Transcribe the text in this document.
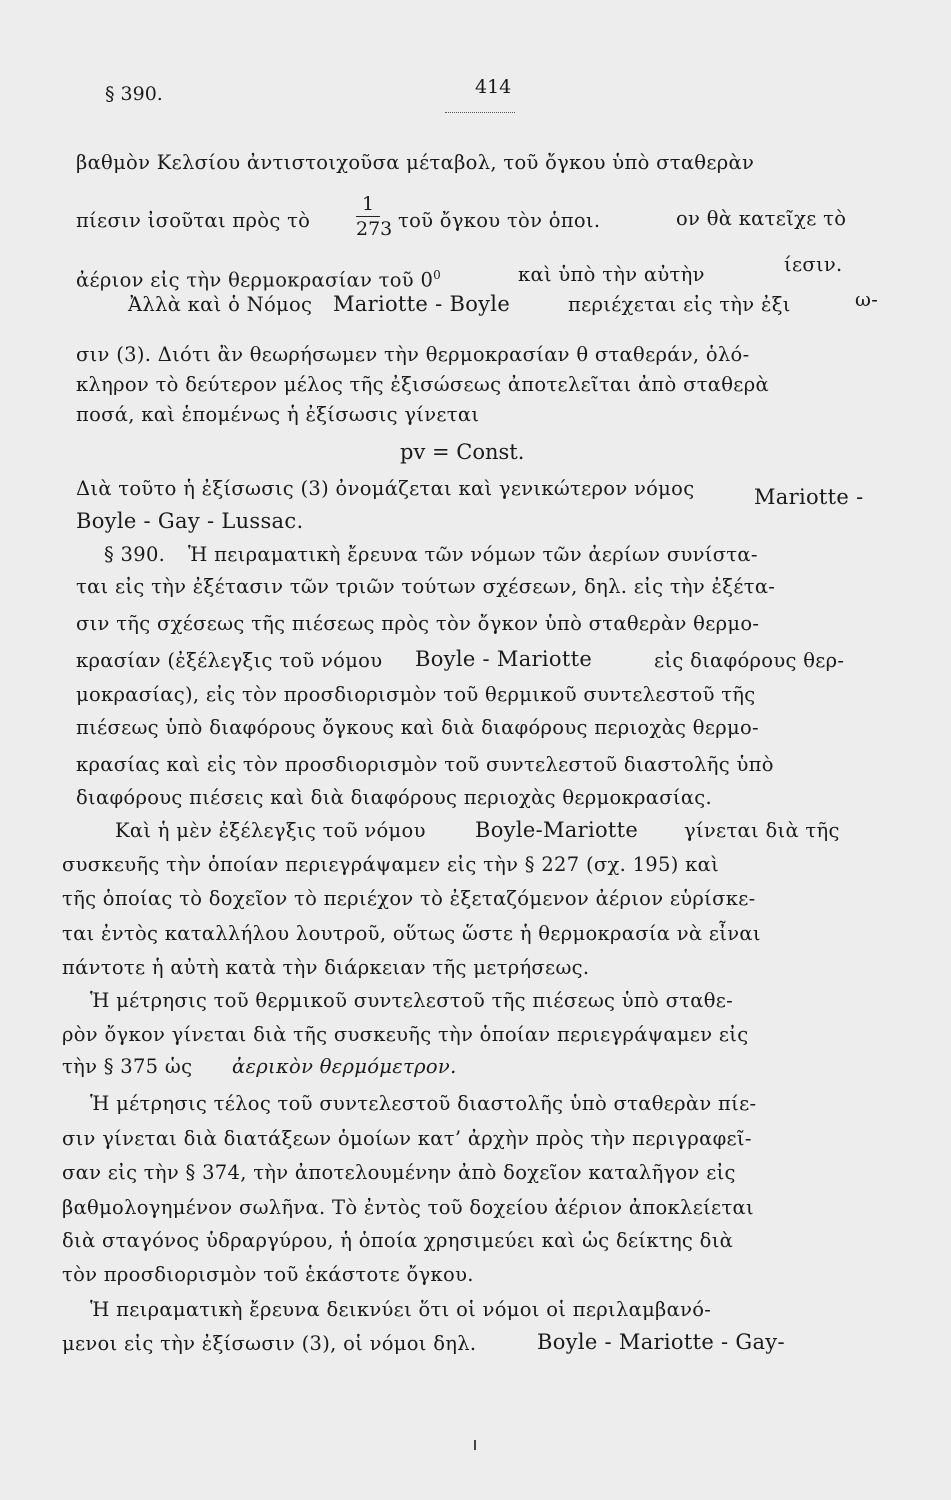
§ 390.	414
βαθμὸν Κελσίου ἀντιστοιχοῦσα μέταβολ, τοῦ ὄγκου ὑπὸ σταθερὰν
πίεσιν ἰσοῦται πρὸς τὸ
1
273 τοῦ ὄγκου τὸν ὁποι.	ον θὰ κατεῖχε τὸ
ἀέριον εἰς τὴν θερμοκρασίαν τοῦ $0^0$	καὶ ὑπὸ τὴν αὐτὴν	ίεσιν.
Ἀλλὰ καὶ ὁ Νόμος Mariotte - Boyle	περιέχεται εἰς τὴν ἐξι	ω-
σιν (3). Διότι ἂν θεωρήσωμεν τὴν θερμοκρασίαν θ σταθεράν, ὁλό-
κληρον τὸ δεύτερον μέλος τῆς ἐξισώσεως ἀποτελεῖται ἀπὸ σταθερὰ
ποσά, καὶ ἑπομένως ἡ ἐξίσωσις γίνεται
pv = Const.
Διὰ τοῦτο ἡ ἐξίσωσις (3) ὀνομάζεται καὶ γενικώτερον νόμος	Mariotte -
Boyle - Gay - Lussac.
§ 390. Ἡ πειραματικὴ ἔρευνα τῶν νόμων τῶν ἀερίων συνίστα-
ται εἰς τὴν ἐξέτασιν τῶν τριῶν τούτων σχέσεων, δηλ. εἰς τὴν ἐξέτα-
σιν τῆς σχέσεως τῆς πιέσεως πρὸς τὸν ὄγκον ὑπὸ σταθερὰν θερμο-
κρασίαν (ἐξέλεγξις τοῦ νόμου Boyle - Mariotte	εἰς διαφόρους θερ-
μοκρασίας), εἰς τὸν προσδιορισμὸν τοῦ θερμικοῦ συντελεστοῦ τῆς
πιέσεως ὑπὸ διαφόρους ὄγκους καὶ διὰ διαφόρους περιοχὰς θερμο-
κρασίας καὶ εἰς τὸν προσδιορισμὸν τοῦ συντελεστοῦ διαστολῆς ὑπὸ
διαφόρους πιέσεις καὶ διὰ διαφόρους περιοχὰς θερμοκρασίας.
Καὶ ἡ μὲν ἐξέλεγξις τοῦ νόμου Boyle-Mariotte γίνεται διὰ τῆς
συσκευῆς τὴν ὁποίαν περιεγράψαμεν εἰς τὴν § 227 (σχ. 195) καὶ
τῆς ὁποίας τὸ δοχεῖον τὸ περιέχον τὸ ἐξεταζόμενον ἀέριον εὑρίσκε-
ται ἐντὸς καταλλήλου λουτροῦ, οὕτως ὥστε ἡ θερμοκρασία νὰ εἶναι
πάντοτε ἡ αὐτὴ κατὰ τὴν διάρκειαν τῆς μετρήσεως.
Ἡ μέτρησις τοῦ θερμικοῦ συντελεστοῦ τῆς πιέσεως ὑπὸ σταθε-
ρὸν ὄγκον γίνεται διὰ τῆς συσκευῆς τὴν ὁποίαν περιεγράψαμεν εἰς
τὴν § 375 ὡς ἀερικὸν θερμόμετρον.
Ἡ μέτρησις τέλος τοῦ συντελεστοῦ διαστολῆς ὑπὸ σταθερὰν πίε-
σιν γίνεται διὰ διατάξεων ὁμοίων κατ’ ἀρχὴν πρὸς τὴν περιγραφεῖ-
σαν εἰς τὴν § 374, τὴν ἀποτελουμένην ἀπὸ δοχεῖον καταλῆγον εἰς
βαθμολογημένον σωλῆνα. Τὸ ἐντὸς τοῦ δοχείου ἀέριον ἀποκλείεται
διὰ σταγόνος ὑδραργύρου, ἡ ὁποία χρησιμεύει καὶ ὡς δείκτης διὰ
τὸν προσδιορισμὸν τοῦ ἑκάστοτε ὄγκου.
Ἡ πειραματικὴ ἔρευνα δεικνύει ὅτι οἱ νόμοι οἱ περιλαμβανό-
μενοι εἰς τὴν ἐξίσωσιν (3), οἱ νόμοι δηλ.	Boyle - Mariotte - Gay-
